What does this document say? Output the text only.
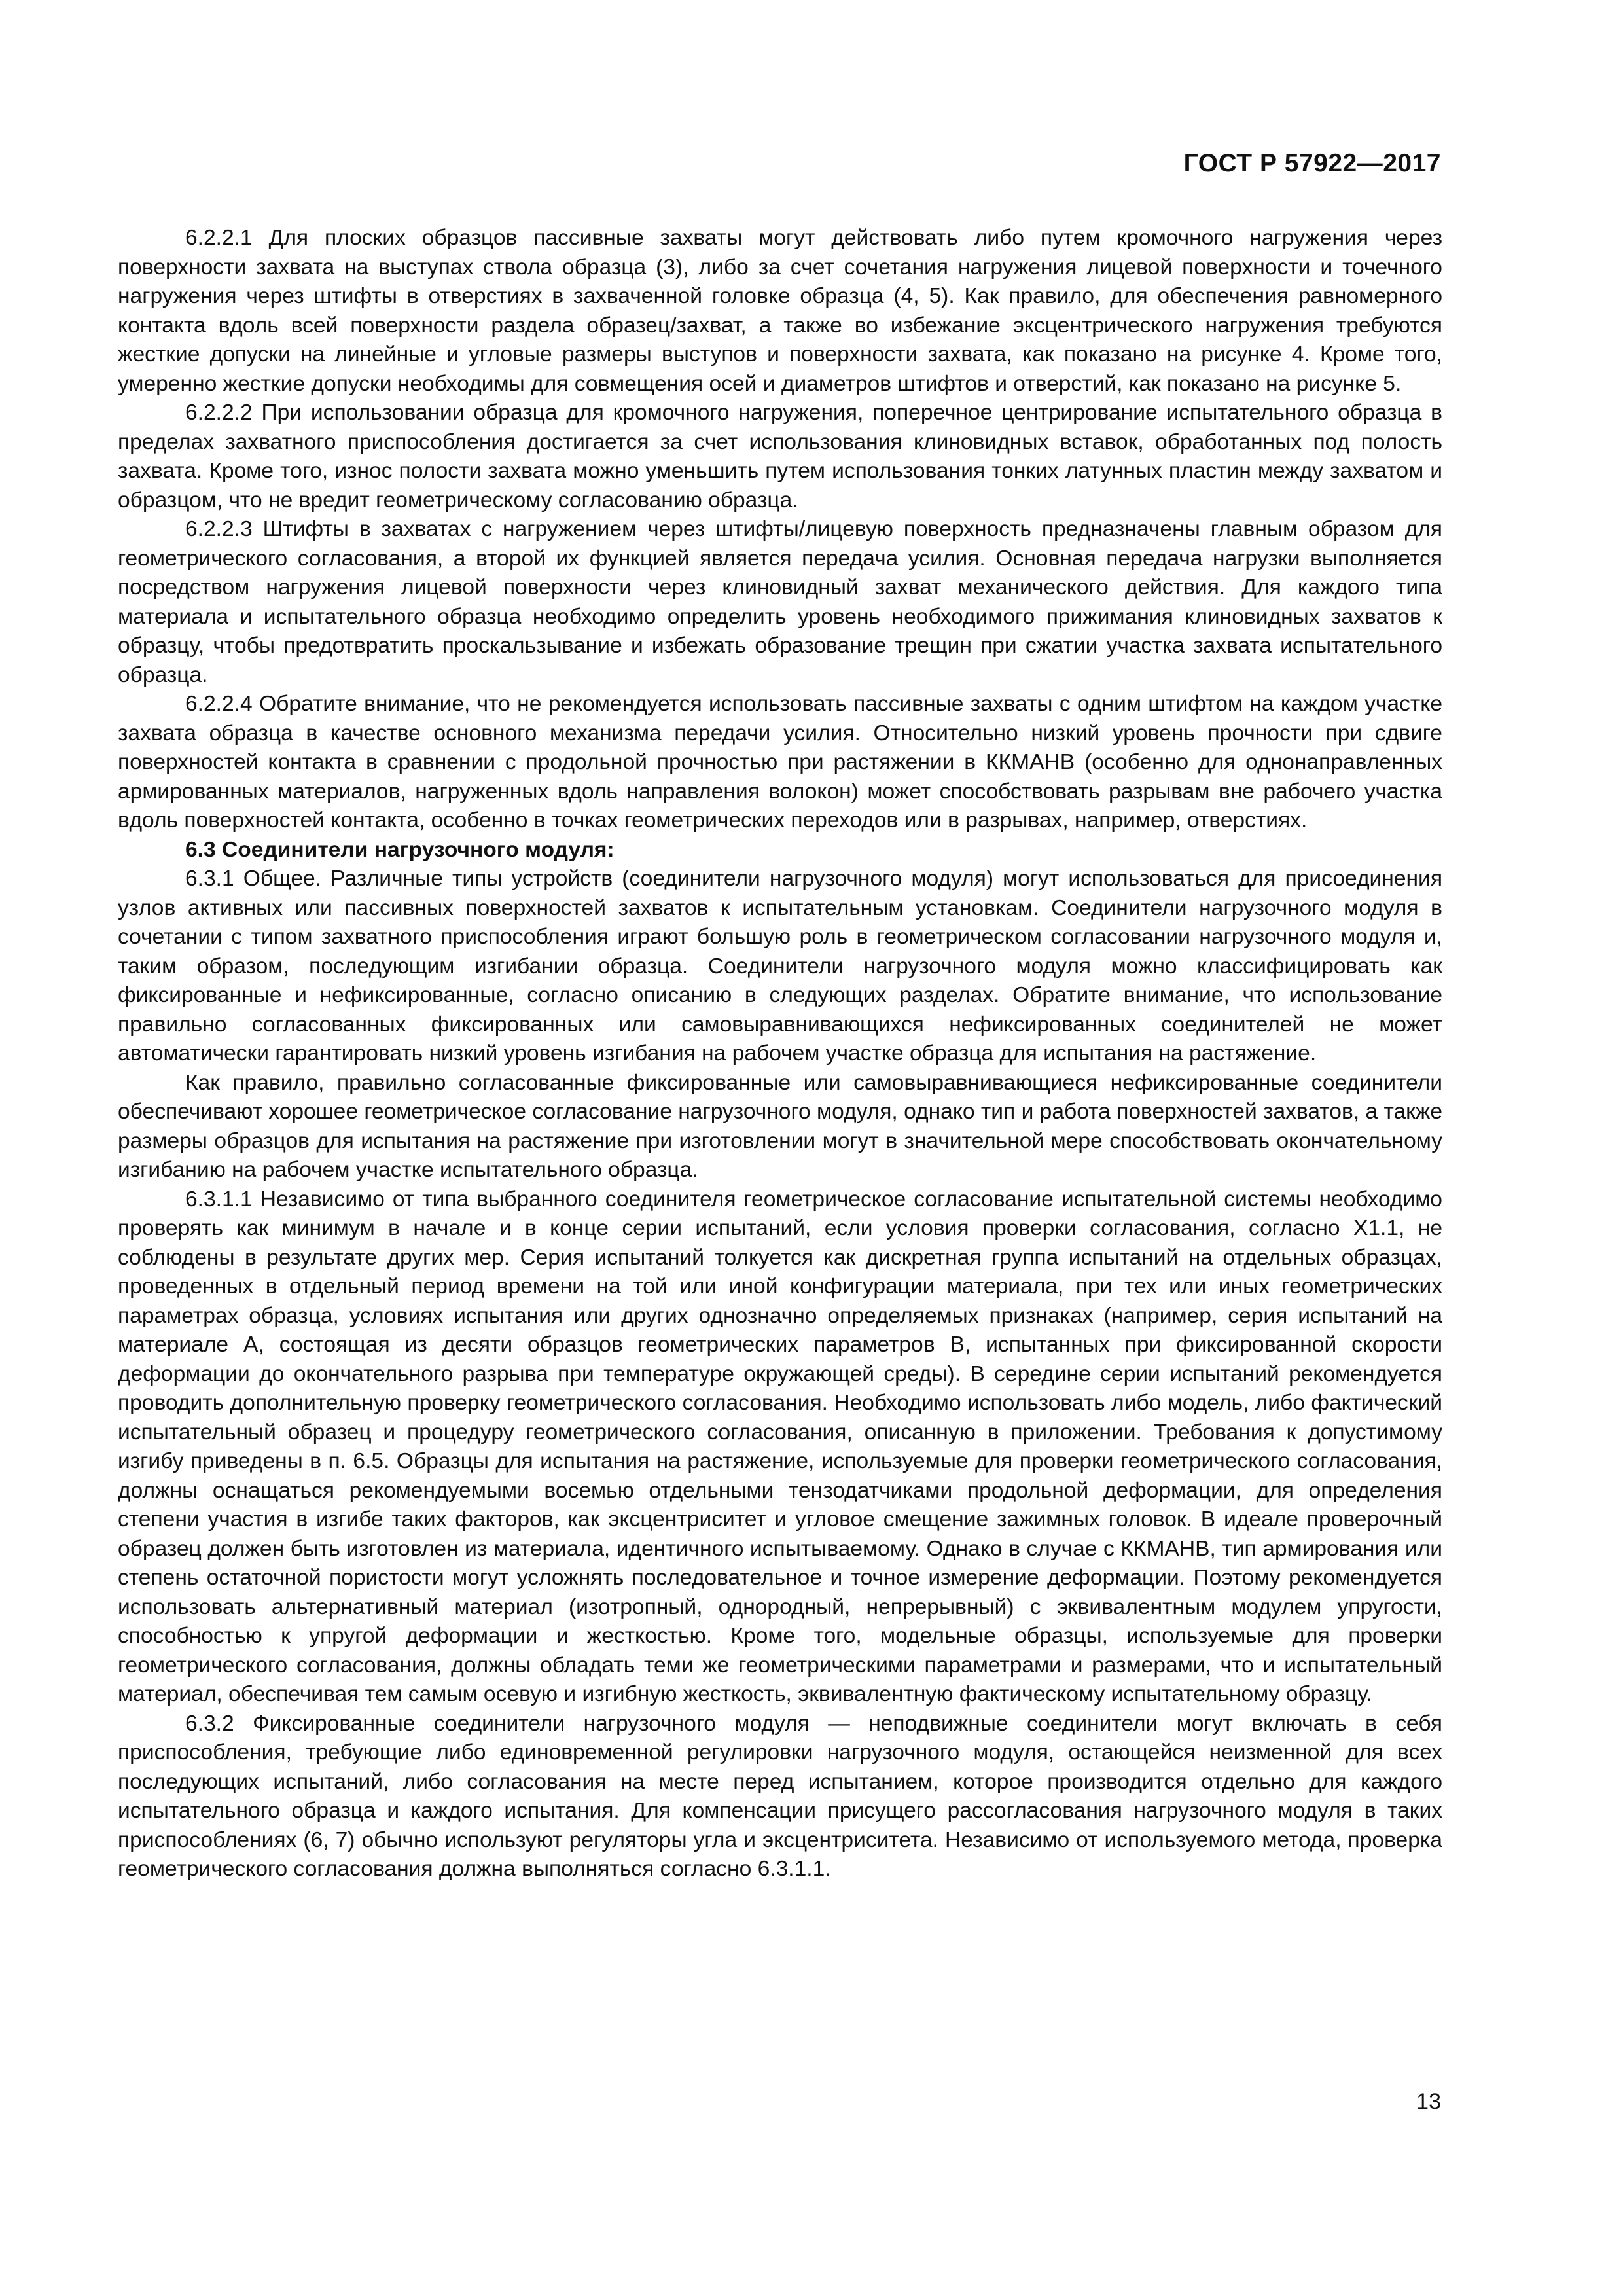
ГОСТ Р 57922—2017

6.2.2.1 Для плоских образцов пассивные захваты могут действовать либо путем кромочного нагружения через поверхности захвата на выступах ствола образца (3), либо за счет сочетания нагружения лицевой поверхности и точечного нагружения через штифты в отверстиях в захваченной головке образца (4, 5). Как правило, для обеспечения равномерного контакта вдоль всей поверхности раздела образец/захват, а также во избежание эксцентрического нагружения требуются жесткие допуски на линейные и угловые размеры выступов и поверхности захвата, как показано на рисунке 4. Кроме того, умеренно жесткие допуски необходимы для совмещения осей и диаметров штифтов и отверстий, как показано на рисунке 5.

6.2.2.2 При использовании образца для кромочного нагружения, поперечное центрирование испытательного образца в пределах захватного приспособления достигается за счет использования клиновидных вставок, обработанных под полость захвата. Кроме того, износ полости захвата можно уменьшить путем использования тонких латунных пластин между захватом и образцом, что не вредит геометрическому согласованию образца.

6.2.2.3 Штифты в захватах с нагружением через штифты/лицевую поверхность предназначены главным образом для геометрического согласования, а второй их функцией является передача усилия. Основная передача нагрузки выполняется посредством нагружения лицевой поверхности через клиновидный захват механического действия. Для каждого типа материала и испытательного образца необходимо определить уровень необходимого прижимания клиновидных захватов к образцу, чтобы предотвратить проскальзывание и избежать образование трещин при сжатии участка захвата испытательного образца.

6.2.2.4 Обратите внимание, что не рекомендуется использовать пассивные захваты с одним штифтом на каждом участке захвата образца в качестве основного механизма передачи усилия. Относительно низкий уровень прочности при сдвиге поверхностей контакта в сравнении с продольной прочностью при растяжении в ККМАНВ (особенно для однонаправленных армированных материалов, нагруженных вдоль направления волокон) может способствовать разрывам вне рабочего участка вдоль поверхностей контакта, особенно в точках геометрических переходов или в разрывах, например, отверстиях.

6.3 Соединители нагрузочного модуля:

6.3.1 Общее. Различные типы устройств (соединители нагрузочного модуля) могут использоваться для присоединения узлов активных или пассивных поверхностей захватов к испытательным установкам. Соединители нагрузочного модуля в сочетании с типом захватного приспособления играют большую роль в геометрическом согласовании нагрузочного модуля и, таким образом, последующим изгибании образца. Соединители нагрузочного модуля можно классифицировать как фиксированные и нефиксированные, согласно описанию в следующих разделах. Обратите внимание, что использование правильно согласованных фиксированных или самовыравнивающихся нефиксированных соединителей не может автоматически гарантировать низкий уровень изгибания на рабочем участке образца для испытания на растяжение.

Как правило, правильно согласованные фиксированные или самовыравнивающиеся нефиксированные соединители обеспечивают хорошее геометрическое согласование нагрузочного модуля, однако тип и работа поверхностей захватов, а также размеры образцов для испытания на растяжение при изготовлении могут в значительной мере способствовать окончательному изгибанию на рабочем участке испытательного образца.

6.3.1.1 Независимо от типа выбранного соединителя геометрическое согласование испытательной системы необходимо проверять как минимум в начале и в конце серии испытаний, если условия проверки согласования, согласно X1.1, не соблюдены в результате других мер. Серия испытаний толкуется как дискретная группа испытаний на отдельных образцах, проведенных в отдельный период времени на той или иной конфигурации материала, при тех или иных геометрических параметрах образца, условиях испытания или других однозначно определяемых признаках (например, серия испытаний на материале А, состоящая из десяти образцов геометрических параметров В, испытанных при фиксированной скорости деформации до окончательного разрыва при температуре окружающей среды). В середине серии испытаний рекомендуется проводить дополнительную проверку геометрического согласования. Необходимо использовать либо модель, либо фактический испытательный образец и процедуру геометрического согласования, описанную в приложении. Требования к допустимому изгибу приведены в п. 6.5. Образцы для испытания на растяжение, используемые для проверки геометрического согласования, должны оснащаться рекомендуемыми восемью отдельными тензодатчиками продольной деформации, для определения степени участия в изгибе таких факторов, как эксцентриситет и угловое смещение зажимных головок. В идеале проверочный образец должен быть изготовлен из материала, идентичного испытываемому. Однако в случае с ККМАНВ, тип армирования или степень остаточной пористости могут усложнять последовательное и точное измерение деформации. Поэтому рекомендуется использовать альтернативный материал (изотропный, однородный, непрерывный) с эквивалентным модулем упругости, способностью к упругой деформации и жесткостью. Кроме того, модельные образцы, используемые для проверки геометрического согласования, должны обладать теми же геометрическими параметрами и размерами, что и испытательный материал, обеспечивая тем самым осевую и изгибную жесткость, эквивалентную фактическому испытательному образцу.

6.3.2 Фиксированные соединители нагрузочного модуля — неподвижные соединители могут включать в себя приспособления, требующие либо единовременной регулировки нагрузочного модуля, остающейся неизменной для всех последующих испытаний, либо согласования на месте перед испытанием, которое производится отдельно для каждого испытательного образца и каждого испытания. Для компенсации присущего рассогласования нагрузочного модуля в таких приспособлениях (6, 7) обычно используют регуляторы угла и эксцентриситета. Независимо от используемого метода, проверка геометрического согласования должна выполняться согласно 6.3.1.1.

13
